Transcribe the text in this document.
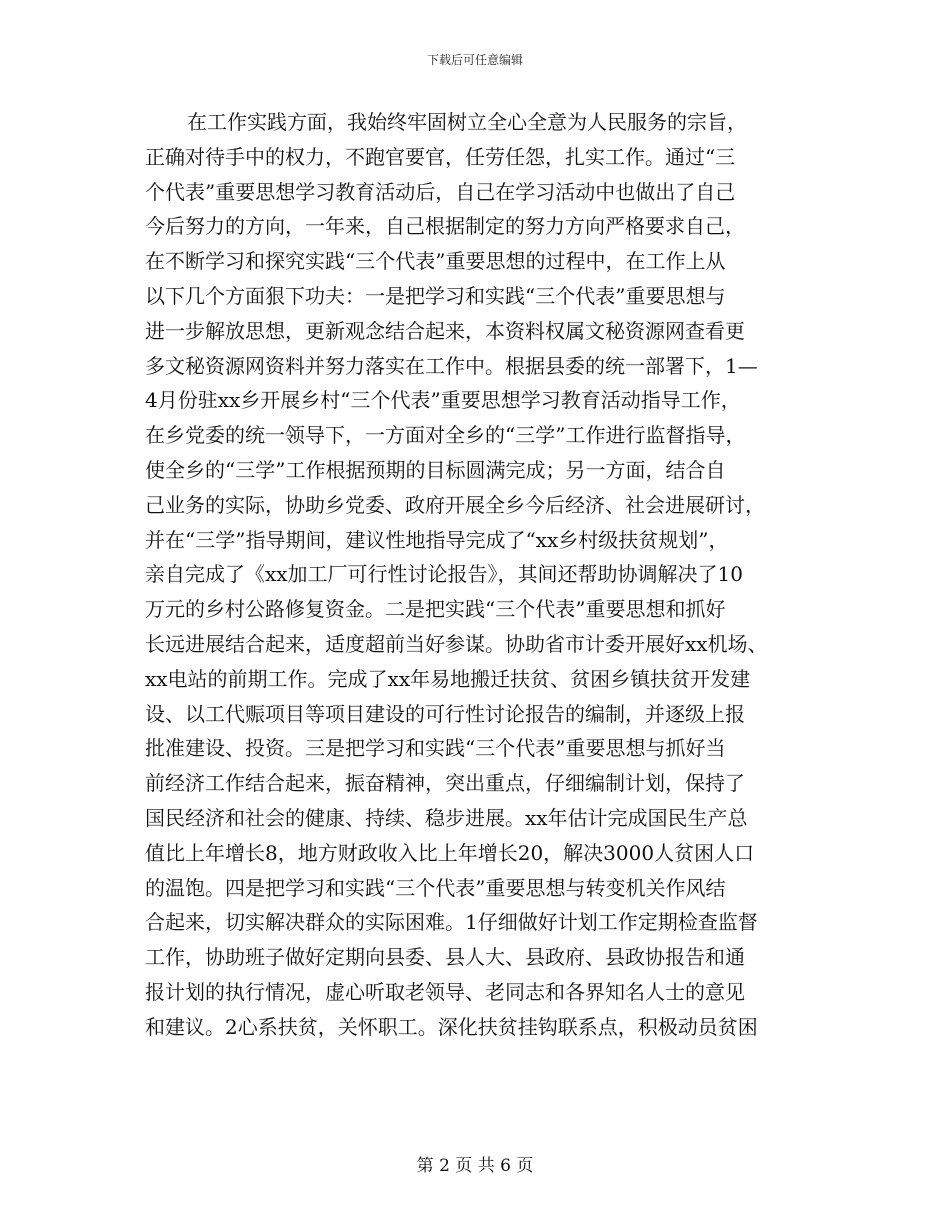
下载后可任意编辑
在工作实践方面，我始终牢固树立全心全意为人民服务的宗旨，
正确对待手中的权力，不跑官要官，任劳任怨，扎实工作。通过“三
个代表”重要思想学习教育活动后，自己在学习活动中也做出了自己
今后努力的方向，一年来，自己根据制定的努力方向严格要求自己，
在不断学习和探究实践“三个代表”重要思想的过程中，在工作上从
以下几个方面狠下功夫：一是把学习和实践“三个代表”重要思想与
进一步解放思想，更新观念结合起来，本资料权属文秘资源网查看更
多文秘资源网资料并努力落实在工作中。根据县委的统一部署下，1—
4月份驻xx乡开展乡村“三个代表”重要思想学习教育活动指导工作，
在乡党委的统一领导下，一方面对全乡的“三学”工作进行监督指导，
使全乡的“三学”工作根据预期的目标圆满完成；另一方面，结合自
己业务的实际，协助乡党委、政府开展全乡今后经济、社会进展研讨，
并在“三学”指导期间，建议性地指导完成了“xx乡村级扶贫规划”，
亲自完成了《xx加工厂可行性讨论报告》，其间还帮助协调解决了10
万元的乡村公路修复资金。二是把实践“三个代表”重要思想和抓好
长远进展结合起来，适度超前当好参谋。协助省市计委开展好xx机场、
xx电站的前期工作。完成了xx年易地搬迁扶贫、贫困乡镇扶贫开发建
设、以工代赈项目等项目建设的可行性讨论报告的编制，并逐级上报
批准建设、投资。三是把学习和实践“三个代表”重要思想与抓好当
前经济工作结合起来，振奋精神，突出重点，仔细编制计划，保持了
国民经济和社会的健康、持续、稳步进展。xx年估计完成国民生产总
值比上年增长8，地方财政收入比上年增长20，解决3000人贫困人口
的温饱。四是把学习和实践“三个代表”重要思想与转变机关作风结
合起来，切实解决群众的实际困难。1仔细做好计划工作定期检查监督
工作，协助班子做好定期向县委、县人大、县政府、县政协报告和通
报计划的执行情况，虚心听取老领导、老同志和各界知名人士的意见
和建议。2心系扶贫，关怀职工。深化扶贫挂钩联系点，积极动员贫困
第 2 页 共 6 页
